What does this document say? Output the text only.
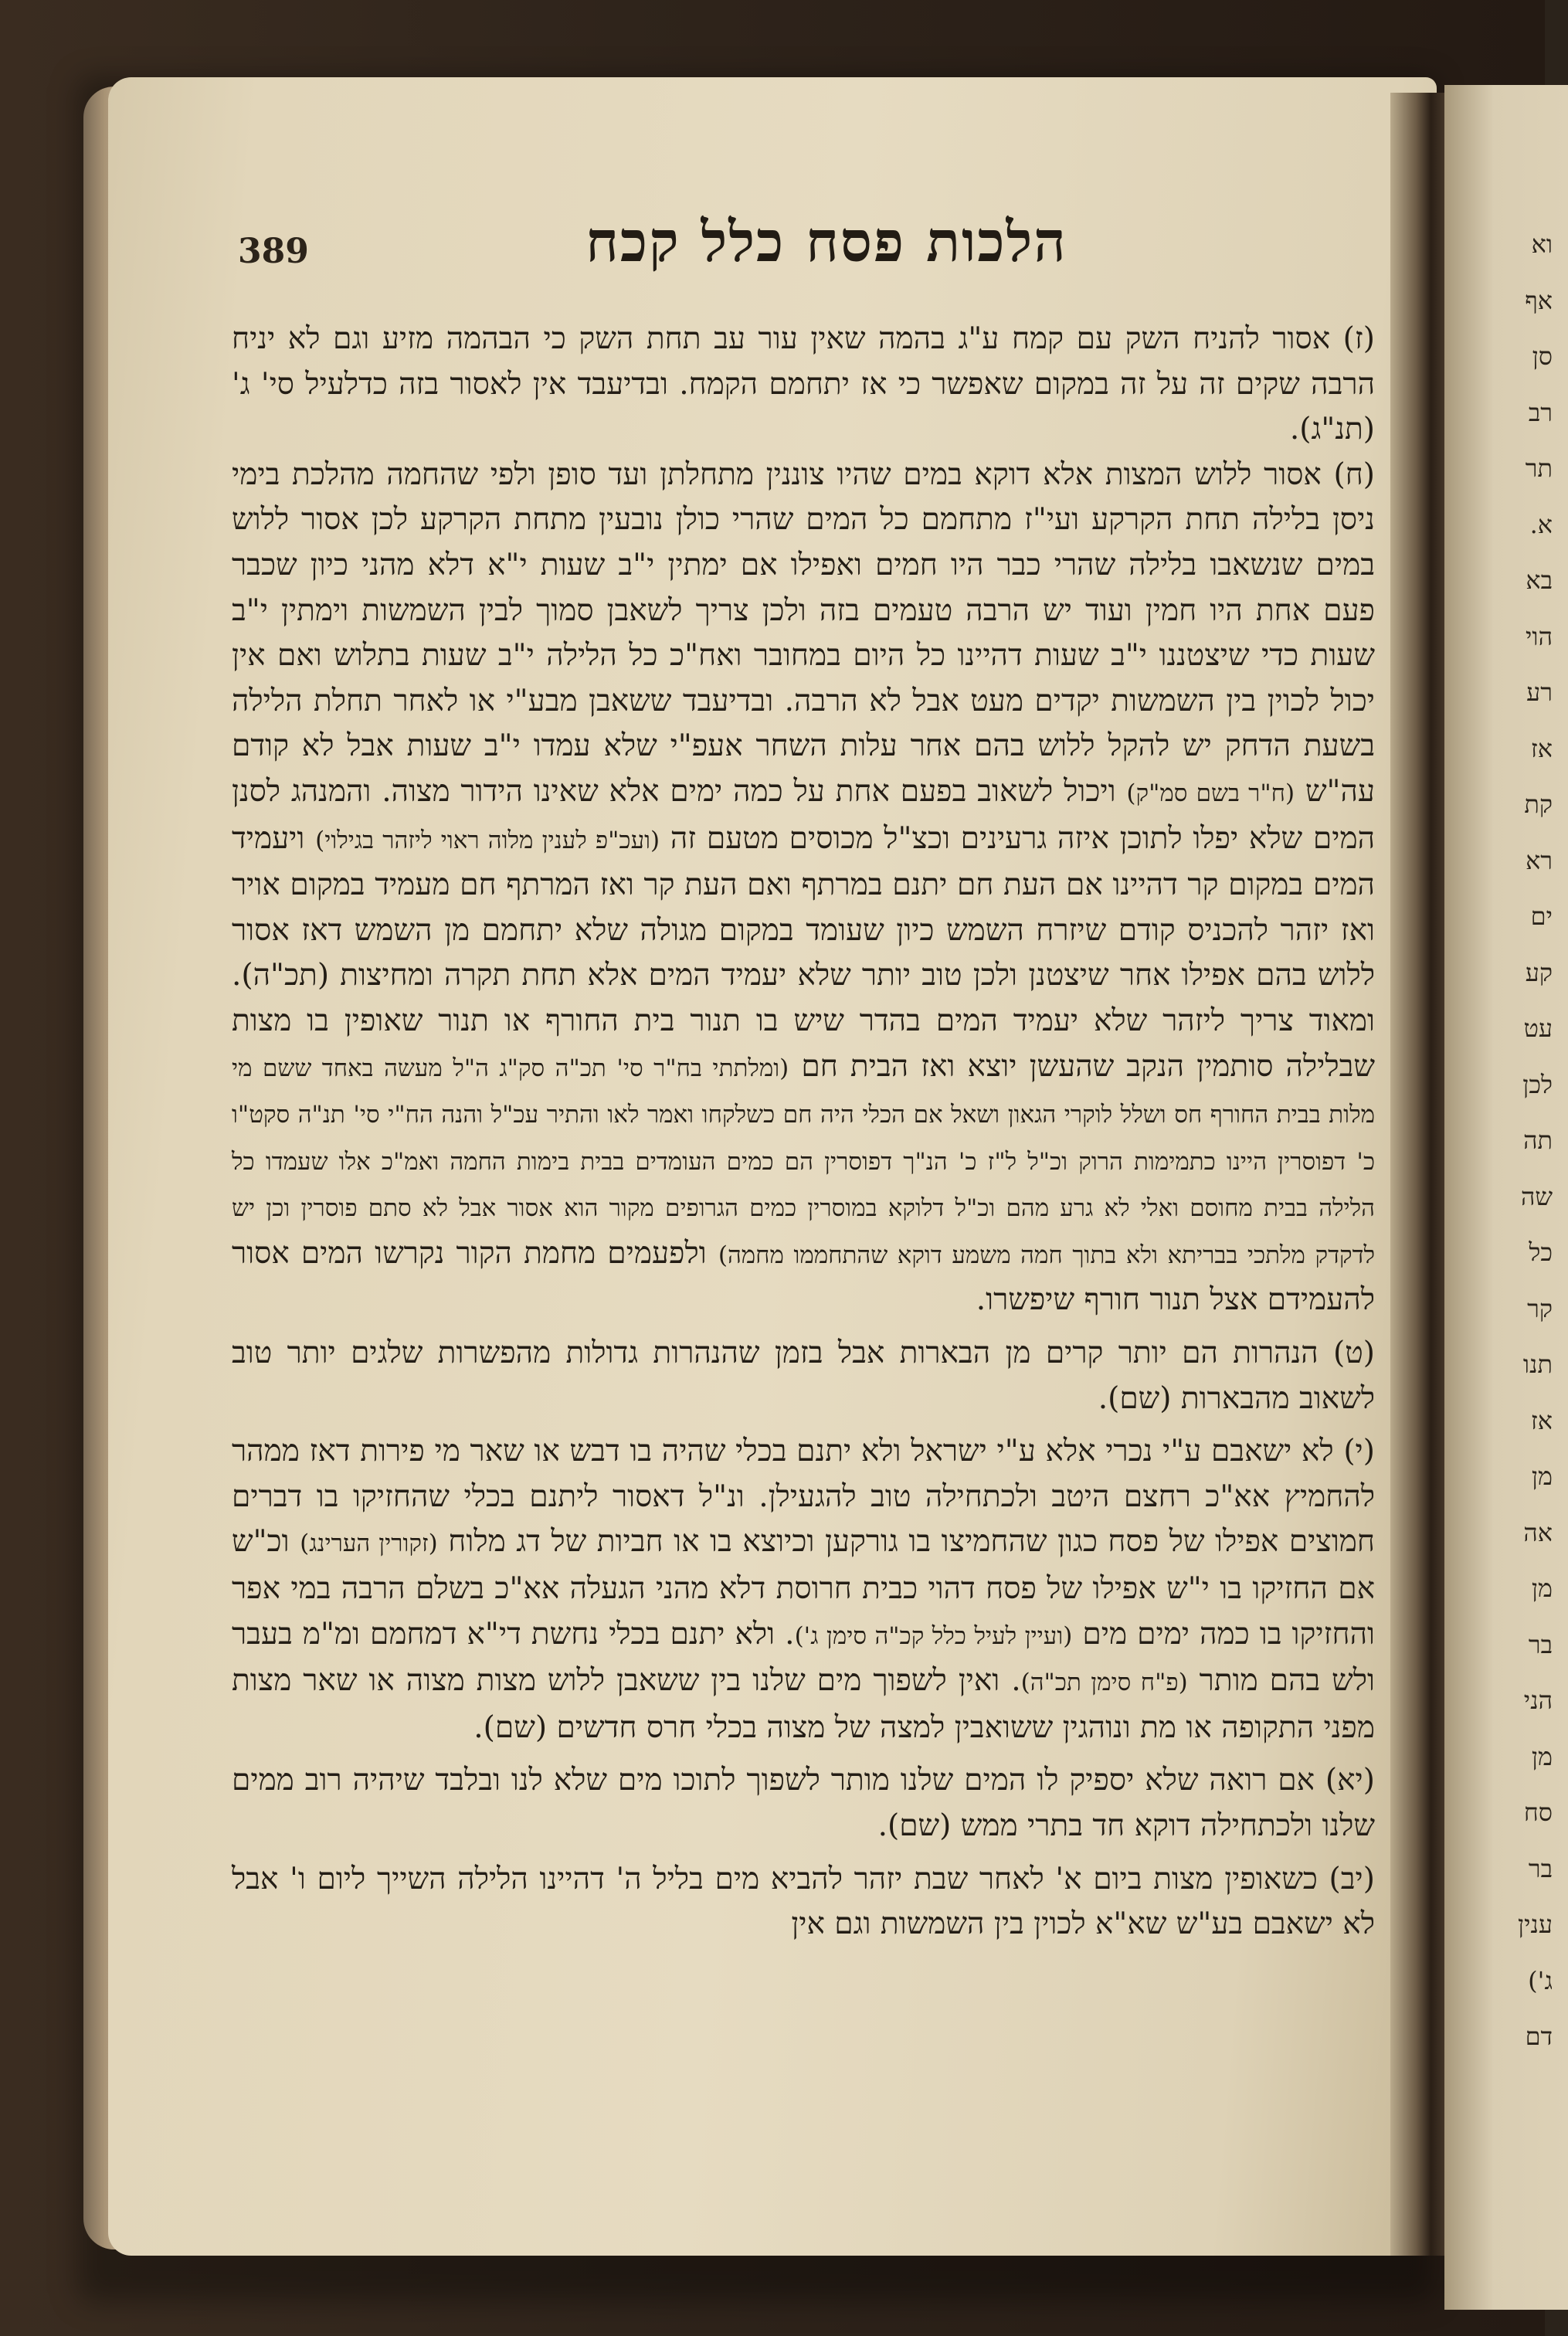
וא
אף
סן
רב
תר
א.
בא
הוי
רע
אז
קת
רא
ים
קע
עט
לכן
תה
שה
כל
קר
תנו
אז
מן
אה
מן
בר
הני
מן
סח
בר
ענין
ג')
דם
389	הלכות פסח כלל קכח

(ז) אסור להניח השק עם קמח ע"ג בהמה שאין עור עב תחת השק כי הבהמה מזיע וגם לא יניח הרבה שקים זה על זה במקום שאפשר כי אז יתחמם הקמח. ובדיעבד אין לאסור בזה כדלעיל סי' ג' (תנ"ג).

(ח) אסור ללוש המצות אלא דוקא במים שהיו צוננין מתחלתן ועד סופן ולפי שהחמה מהלכת בימי ניסן בלילה תחת הקרקע ועי"ז מתחמם כל המים שהרי כולן נובעין מתחת הקרקע לכן אסור ללוש במים שנשאבו בלילה שהרי כבר היו חמים ואפילו אם ימתין י"ב שעות י"א דלא מהני כיון שכבר פעם אחת היו חמין ועוד יש הרבה טעמים בזה ולכן צריך לשאבן סמוך לבין השמשות וימתין י"ב שעות כדי שיצטננו י"ב שעות דהיינו כל היום במחובר ואח"כ כל הלילה י"ב שעות בתלוש ואם אין יכול לכוין בין השמשות יקדים מעט אבל לא הרבה. ובדיעבד ששאבן מבע"י או לאחר תחלת הלילה בשעת הדחק יש להקל ללוש בהם אחר עלות השחר אעפ"י שלא עמדו י"ב שעות אבל לא קודם עה"ש (ח"ר בשם סמ"ק) ויכול לשאוב בפעם אחת על כמה ימים אלא שאינו הידור מצוה. והמנהג לסנן המים שלא יפלו לתוכן איזה גרעינים וכצ"ל מכוסים מטעם זה (ועכ"פ לענין מלוה ראוי ליזהר בגילוי) ויעמיד המים במקום קר דהיינו אם העת חם יתנם במרתף ואם העת קר ואז המרתף חם מעמיד במקום אויר ואז יזהר להכניס קודם שיזרח השמש כיון שעומד במקום מגולה שלא יתחמם מן השמש דאז אסור ללוש בהם אפילו אחר שיצטנן ולכן טוב יותר שלא יעמיד המים אלא תחת תקרה ומחיצות (תכ"ה). ומאוד צריך ליזהר שלא יעמיד המים בהדר שיש בו תנור בית החורף או תנור שאופין בו מצות שבלילה סותמין הנקב שהעשן יוצא ואז הבית חם (ומלתתי בח"ר סי' תכ"ה סק"ג ה"ל מעשה באחד ששם מי מלות בבית החורף חס ושלל לוקרי הגאון ושאל אם הכלי היה חם כשלקחו ואמר לאו והתיר עכ"ל והנה הח"י סי' תנ"ה סקט"ו כ' דפוסרין היינו כתמימות הרוק וכ"ל ל"ז כ' הנ"ך דפוסרין הם כמים העומדים בבית בימות החמה ואמ"כ אלו שעמדו כל הלילה בבית מחוסם ואלי לא גרע מהם וכ"ל דלוקא במוסרין כמים הגרופים מקור הוא אסור אבל לא סתם פוסרין וכן יש לדקדק מלתכי בבריתא ולא בתוך חמה משמע דוקא שהתחממו מחמה) ולפעמים מחמת הקור נקרשו המים אסור להעמידם אצל תנור חורף שיפשרו.

(ט) הנהרות הם יותר קרים מן הבארות אבל בזמן שהנהרות גדולות מהפשרות שלגים יותר טוב לשאוב מהבארות (שם).

(י) לא ישאבם ע"י נכרי אלא ע"י ישראל ולא יתנם בכלי שהיה בו דבש או שאר מי פירות דאז ממהר להחמיץ אא"כ רחצם היטב ולכתחילה טוב להגעילן. ונ"ל דאסור ליתנם בכלי שהחזיקו בו דברים חמוצים אפילו של פסח כגון שהחמיצו בו גורקען וכיוצא בו או חביות של דג מלוח (זקורין הערינג) וכ"ש אם החזיקו בו י"ש אפילו של פסח דהוי כבית חרוסת דלא מהני הגעלה אא"כ בשלם הרבה במי אפר והחזיקו בו כמה ימים מים (ועיין לעיל כלל קכ"ה סימן ג'). ולא יתנם בכלי נחשת די"א דמחמם ומ"מ בעבר ולש בהם מותר (פ"ח סימן תכ"ה). ואין לשפוך מים שלנו בין ששאבן ללוש מצות מצוה או שאר מצות מפני התקופה או מת ונוהגין ששואבין למצה של מצוה בכלי חרס חדשים (שם).

(יא) אם רואה שלא יספיק לו המים שלנו מותר לשפוך לתוכו מים שלא לנו ובלבד שיהיה רוב ממים שלנו ולכתחילה דוקא חד בתרי ממש (שם).

(יב) כשאופין מצות ביום א' לאחר שבת יזהר להביא מים בליל ה' דהיינו הלילה השייך ליום ו' אבל לא ישאבם בע"ש שא"א לכוין בין השמשות וגם אין
